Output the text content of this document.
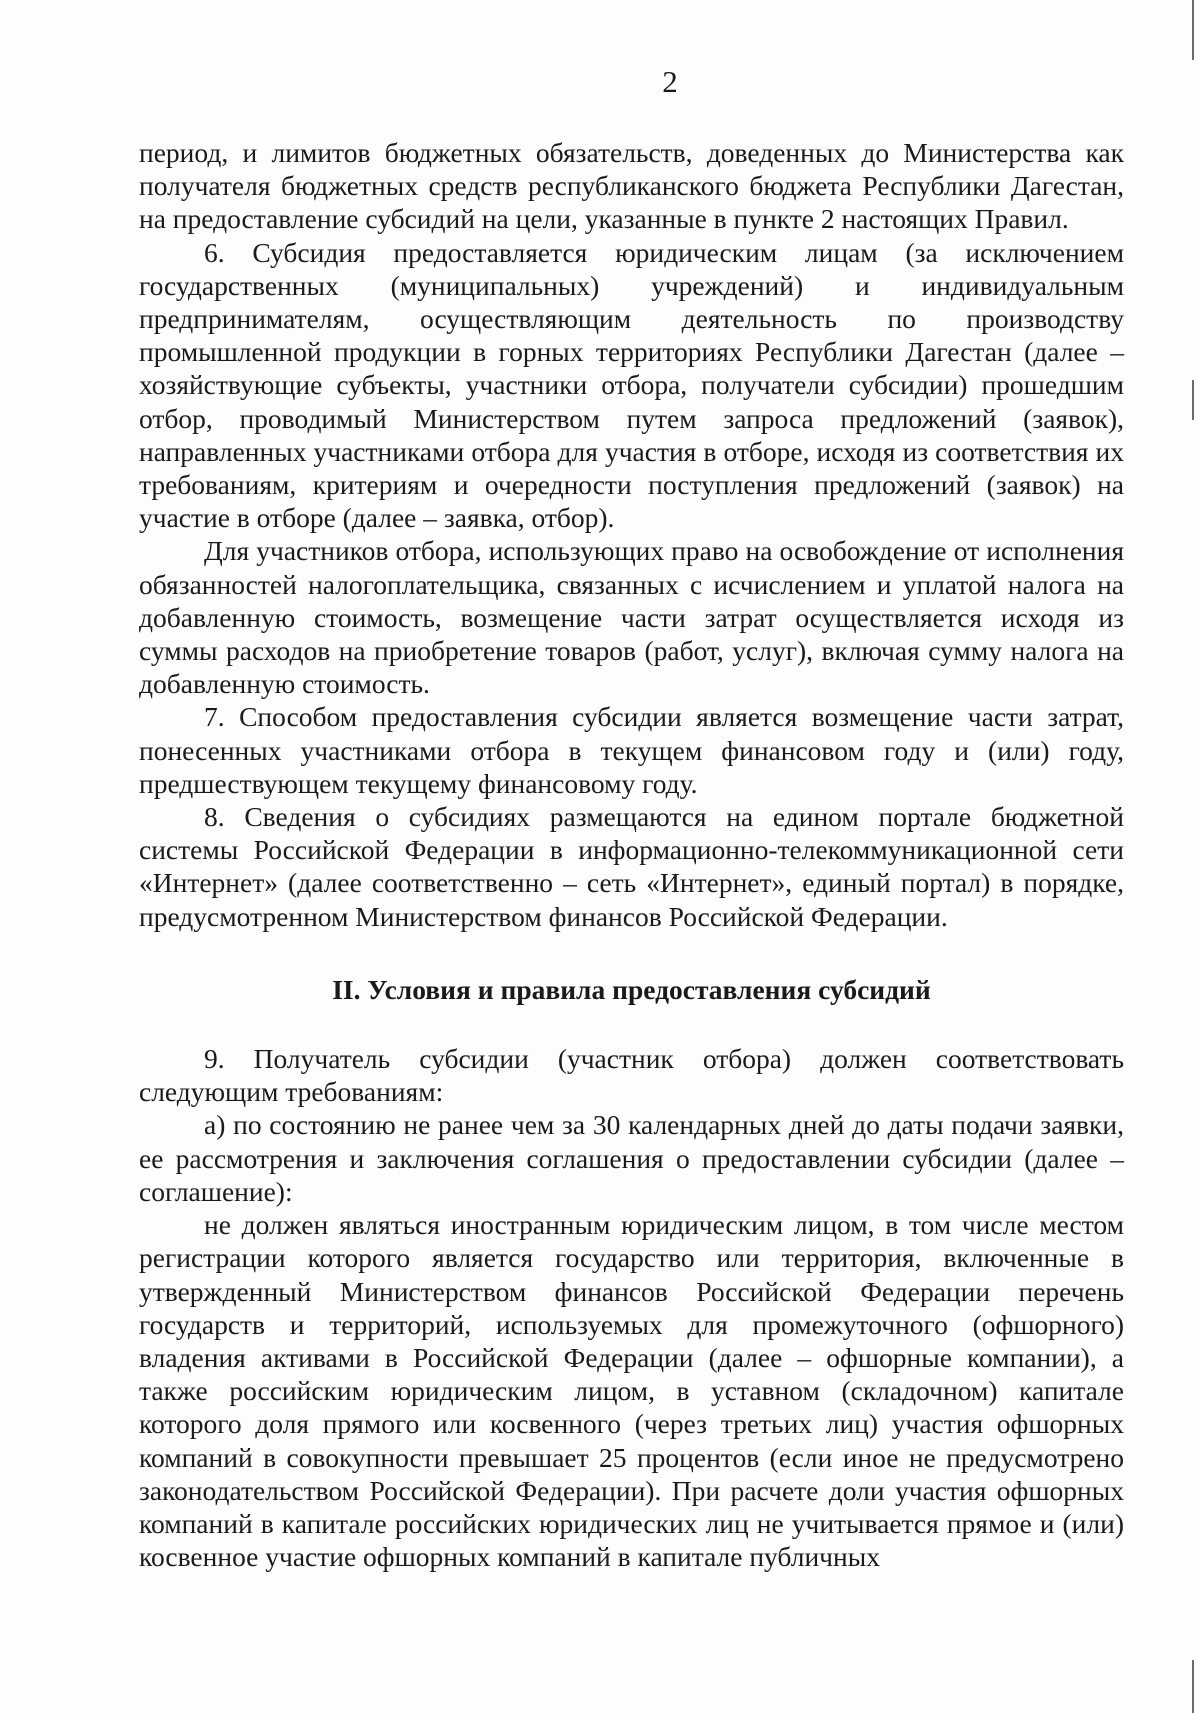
2

период, и лимитов бюджетных обязательств, доведенных до Министерства как получателя бюджетных средств республиканского бюджета Республики Дагестан, на предоставление субсидий на цели, указанные в пункте 2 настоящих Правил.

6. Субсидия предоставляется юридическим лицам (за исключением государственных (муниципальных) учреждений) и индивидуальным предпринимателям, осуществляющим деятельность по производству промышленной продукции в горных территориях Республики Дагестан (далее – хозяйствующие субъекты, участники отбора, получатели субсидии) прошедшим отбор, проводимый Министерством путем запроса предложений (заявок), направленных участниками отбора для участия в отборе, исходя из соответствия их требованиям, критериям и очередности поступления предложений (заявок) на участие в отборе (далее – заявка, отбор).

Для участников отбора, использующих право на освобождение от исполнения обязанностей налогоплательщика, связанных с исчислением и уплатой налога на добавленную стоимость, возмещение части затрат осуществляется исходя из суммы расходов на приобретение товаров (работ, услуг), включая сумму налога на добавленную стоимость.

7. Способом предоставления субсидии является возмещение части затрат, понесенных участниками отбора в текущем финансовом году и (или) году, предшествующем текущему финансовому году.

8. Сведения о субсидиях размещаются на едином портале бюджетной системы Российской Федерации в информационно-телекоммуникационной сети «Интернет» (далее соответственно – сеть «Интернет», единый портал) в порядке, предусмотренном Министерством финансов Российской Федерации.

II. Условия и правила предоставления субсидий

9. Получатель субсидии (участник отбора) должен соответствовать следующим требованиям:

а) по состоянию не ранее чем за 30 календарных дней до даты подачи заявки, ее рассмотрения и заключения соглашения о предоставлении субсидии (далее – соглашение):

не должен являться иностранным юридическим лицом, в том числе местом регистрации которого является государство или территория, включенные в утвержденный Министерством финансов Российской Федерации перечень государств и территорий, используемых для промежуточного (офшорного) владения активами в Российской Федерации (далее – офшорные компании), а также российским юридическим лицом, в уставном (складочном) капитале которого доля прямого или косвенного (через третьих лиц) участия офшорных компаний в совокупности превышает 25 процентов (если иное не предусмотрено законодательством Российской Федерации). При расчете доли участия офшорных компаний в капитале российских юридических лиц не учитывается прямое и (или) косвенное участие офшорных компаний в капитале публичных
